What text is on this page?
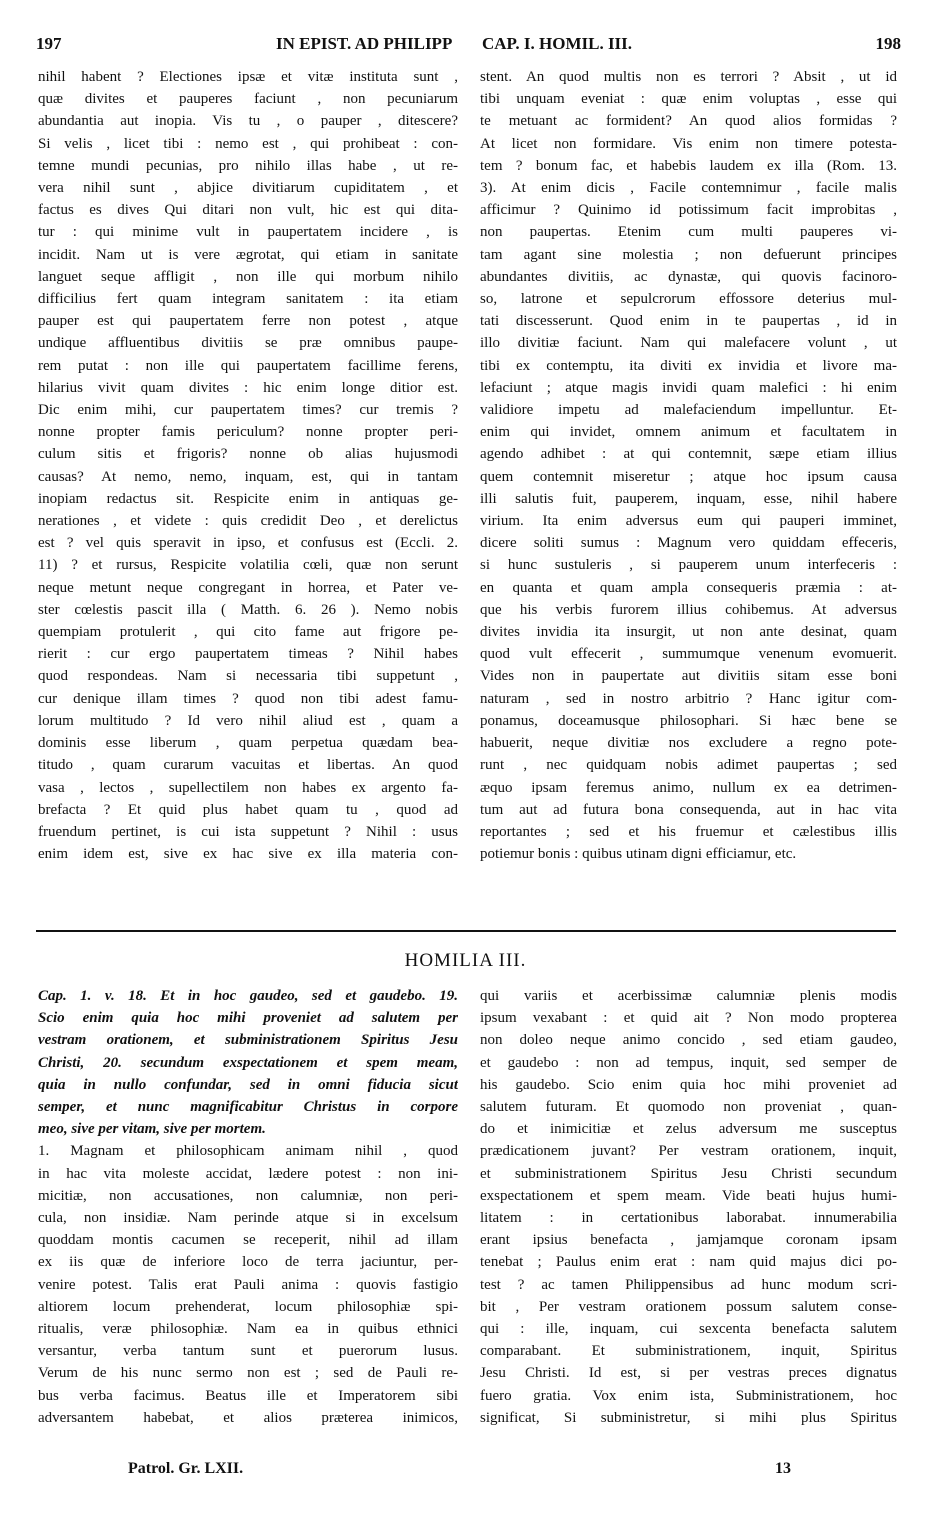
197	IN EPIST. AD PHILIPP CAP. I. HOMIL. III.	198
nihil habent ? Electiones ipsæ et vitæ instituta sunt ,
quæ divites et pauperes faciunt , non pecuniarum
abundantia aut inopia. Vis tu , o pauper , ditescere?
Si velis , licet tibi : nemo est , qui prohibeat : con-
temne mundi pecunias, pro nihilo illas habe , ut re-
vera nihil sunt , abjice divitiarum cupiditatem , et
factus es dives Qui ditari non vult, hic est qui dita-
tur : qui minime vult in paupertatem incidere , is
incidit. Nam ut is vere ægrotat, qui etiam in sanitate
languet seque affligit , non ille qui morbum nihilo
difficilius fert quam integram sanitatem : ita etiam
pauper est qui paupertatem ferre non potest , atque
undique affluentibus divitiis se præ omnibus paupe-
rem putat : non ille qui paupertatem facillime ferens,
hilarius vivit quam divites : hic enim longe ditior est.
Dic enim mihi, cur paupertatem times? cur tremis ?
nonne propter famis periculum? nonne propter peri-
culum sitis et frigoris? nonne ob alias hujusmodi
causas? At nemo, nemo, inquam, est, qui in tantam
inopiam redactus sit. Respicite enim in antiquas ge-
nerationes , et videte : quis credidit Deo , et derelictus
est ? vel quis speravit in ipso, et confusus est (Eccli. 2.
11) ? et rursus, Respicite volatilia cœli, quæ non serunt
neque metunt neque congregant in horrea, et Pater ve-
ster cœlestis pascit illa ( Matth. 6. 26 ). Nemo nobis
quempiam protulerit , qui cito fame aut frigore pe-
rierit : cur ergo paupertatem timeas ? Nihil habes
quod respondeas. Nam si necessaria tibi suppetunt ,
cur denique illam times ? quod non tibi adest famu-
lorum multitudo ? Id vero nihil aliud est , quam a
dominis esse liberum , quam perpetua quædam bea-
titudo , quam curarum vacuitas et libertas. An quod
vasa , lectos , supellectilem non habes ex argento fa-
brefacta ? Et quid plus habet quam tu , quod ad
fruendum pertinet, is cui ista suppetunt ? Nihil : usus
enim idem est, sive ex hac sive ex illa materia con-
stent. An quod multis non es terrori ? Absit , ut id
tibi unquam eveniat : quæ enim voluptas , esse qui
te metuant ac formident? An quod alios formidas ?
At licet non formidare. Vis enim non timere potesta-
tem ? bonum fac, et habebis laudem ex illa (Rom. 13.
3). At enim dicis , Facile contemnimur , facile malis
afficimur ? Quinimo id potissimum facit improbitas ,
non paupertas. Etenim cum multi pauperes vi-
tam agant sine molestia ; non defuerunt principes
abundantes divitiis, ac dynastæ, qui quovis facinoro-
so, latrone et sepulcrorum effossore deterius mul-
tati discesserunt. Quod enim in te paupertas , id in
illo divitiæ faciunt. Nam qui malefacere volunt , ut
tibi ex contemptu, ita diviti ex invidia et livore ma-
lefaciunt ; atque magis invidi quam malefici : hi enim
validiore impetu ad malefaciendum impelluntur. Et-
enim qui invidet, omnem animum et facultatem in
agendo adhibet : at qui contemnit, sæpe etiam illius
quem contemnit miseretur ; atque hoc ipsum causa
illi salutis fuit, pauperem, inquam, esse, nihil habere
virium. Ita enim adversus eum qui pauperi imminet,
dicere soliti sumus : Magnum vero quiddam effeceris,
si hunc sustuleris , si pauperem unum interfeceris :
en quanta et quam ampla consequeris præmia : at-
que his verbis furorem illius cohibemus. At adversus
divites invidia ita insurgit, ut non ante desinat, quam
quod vult effecerit , summumque venenum evomuerit.
Vides non in paupertate aut divitiis sitam esse boni
naturam , sed in nostro arbitrio ? Hanc igitur com-
ponamus, doceamusque philosophari. Si hæc bene se
habuerit, neque divitiæ nos excludere a regno pote-
runt , nec quidquam nobis adimet paupertas ; sed
æquo ipsam feremus animo, nullum ex ea detrimen-
tum aut ad futura bona consequenda, aut in hac vita
reportantes ; sed et his fruemur et cælestibus illis
potiemur bonis : quibus utinam digni efficiamur, etc.
HOMILIA III.
Cap. 1. v. 18. Et in hoc gaudeo, sed et gaudebo. 19.
Scio enim quia hoc mihi proveniet ad salutem per
vestram orationem, et subministrationem Spiritus Jesu
Christi, 20. secundum exspectationem et spem meam,
quia in nullo confundar, sed in omni fiducia sicut
semper, et nunc magnificabitur Christus in corpore
meo, sive per vitam, sive per mortem.
1. Magnam et philosophicam animam nihil , quod
in hac vita moleste accidat, lædere potest : non ini-
micitiæ, non accusationes, non calumniæ, non peri-
cula, non insidiæ. Nam perinde atque si in excelsum
quoddam montis cacumen se receperit, nihil ad illam
ex iis quæ de inferiore loco de terra jaciuntur, per-
venire potest. Talis erat Pauli anima : quovis fastigio
altiorem locum prehenderat, locum philosophiæ spi-
ritualis, veræ philosophiæ. Nam ea in quibus ethnici
versantur, verba tantum sunt et puerorum lusus.
Verum de his nunc sermo non est ; sed de Pauli re-
bus verba facimus. Beatus ille et Imperatorem sibi
adversantem habebat, et alios præterea inimicos,
qui variis et acerbissimæ calumniæ plenis modis
ipsum vexabant : et quid ait ? Non modo propterea
non doleo neque animo concido , sed etiam gaudeo,
et gaudebo : non ad tempus, inquit, sed semper de
his gaudebo. Scio enim quia hoc mihi proveniet ad
salutem futuram. Et quomodo non proveniat , quan-
do et inimicitiæ et zelus adversum me susceptus
prædicationem juvant? Per vestram orationem, inquit,
et subministrationem Spiritus Jesu Christi secundum
exspectationem et spem meam. Vide beati hujus humi-
litatem : in certationibus laborabat. innumerabilia
erant ipsius benefacta , jamjamque coronam ipsam
tenebat ; Paulus enim erat : nam quid majus dici po-
test ? ac tamen Philippensibus ad hunc modum scri-
bit , Per vestram orationem possum salutem conse-
qui : ille, inquam, cui sexcenta benefacta salutem
comparabant. Et subministrationem, inquit, Spiritus
Jesu Christi. Id est, si per vestras preces dignatus
fuero gratia. Vox enim ista, Subministrationem, hoc
significat, Si subministretur, si mihi plus Spiritus
Patrol. Gr. LXII.	13
